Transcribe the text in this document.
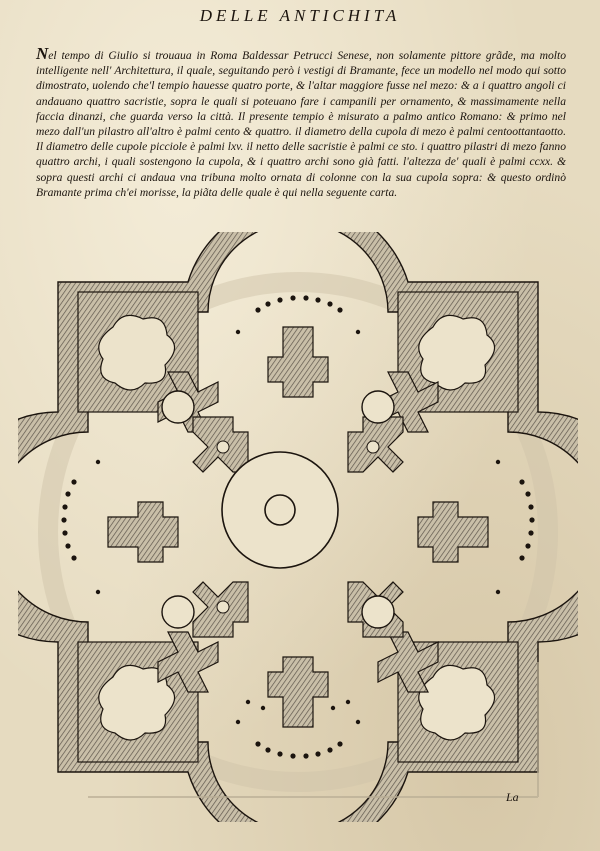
DELLE ANTICHITA
Nel tempo di Giulio si trouaua in Roma Baldessar Petrucci Senese, non solamente pittore grãde, ma molto intelligente nell' Architettura, il quale, seguitando però i vestigi di Bramante, fece un modello nel modo qui sotto dimostrato, uolendo che'l tempio hauesse quatro porte, & l'altar maggiore fusse nel mezo: & a i quattro angoli ci andauano quattro sacristie, sopra le quali si poteuano fare i campanili per ornamento, & massimamente nella faccia dinanzi, che guarda verso la città. Il presente tempio è misurato a palmo antico Romano: & primo nel mezo dall'un pilastro all'altro è palmi cento & quattro. il diametro della cupola di mezo è palmi centoottantaotto. Il diametro delle cupole picciole è palmi lxv. il netto delle sacristie è palmi ce sto. i quattro pilastri di mezo fanno quattro archi, i quali sostengono la cupola, & i quattro archi sono già fatti. l'altezza de' quali è palmi ccxx. & sopra questi archi ci andaua vna tribuna molto ornata di colonne con la sua cupola sopra: & questo ordinò Bramante prima ch'ei morisse, la piãta delle quale è qui nella seguente carta.
La
